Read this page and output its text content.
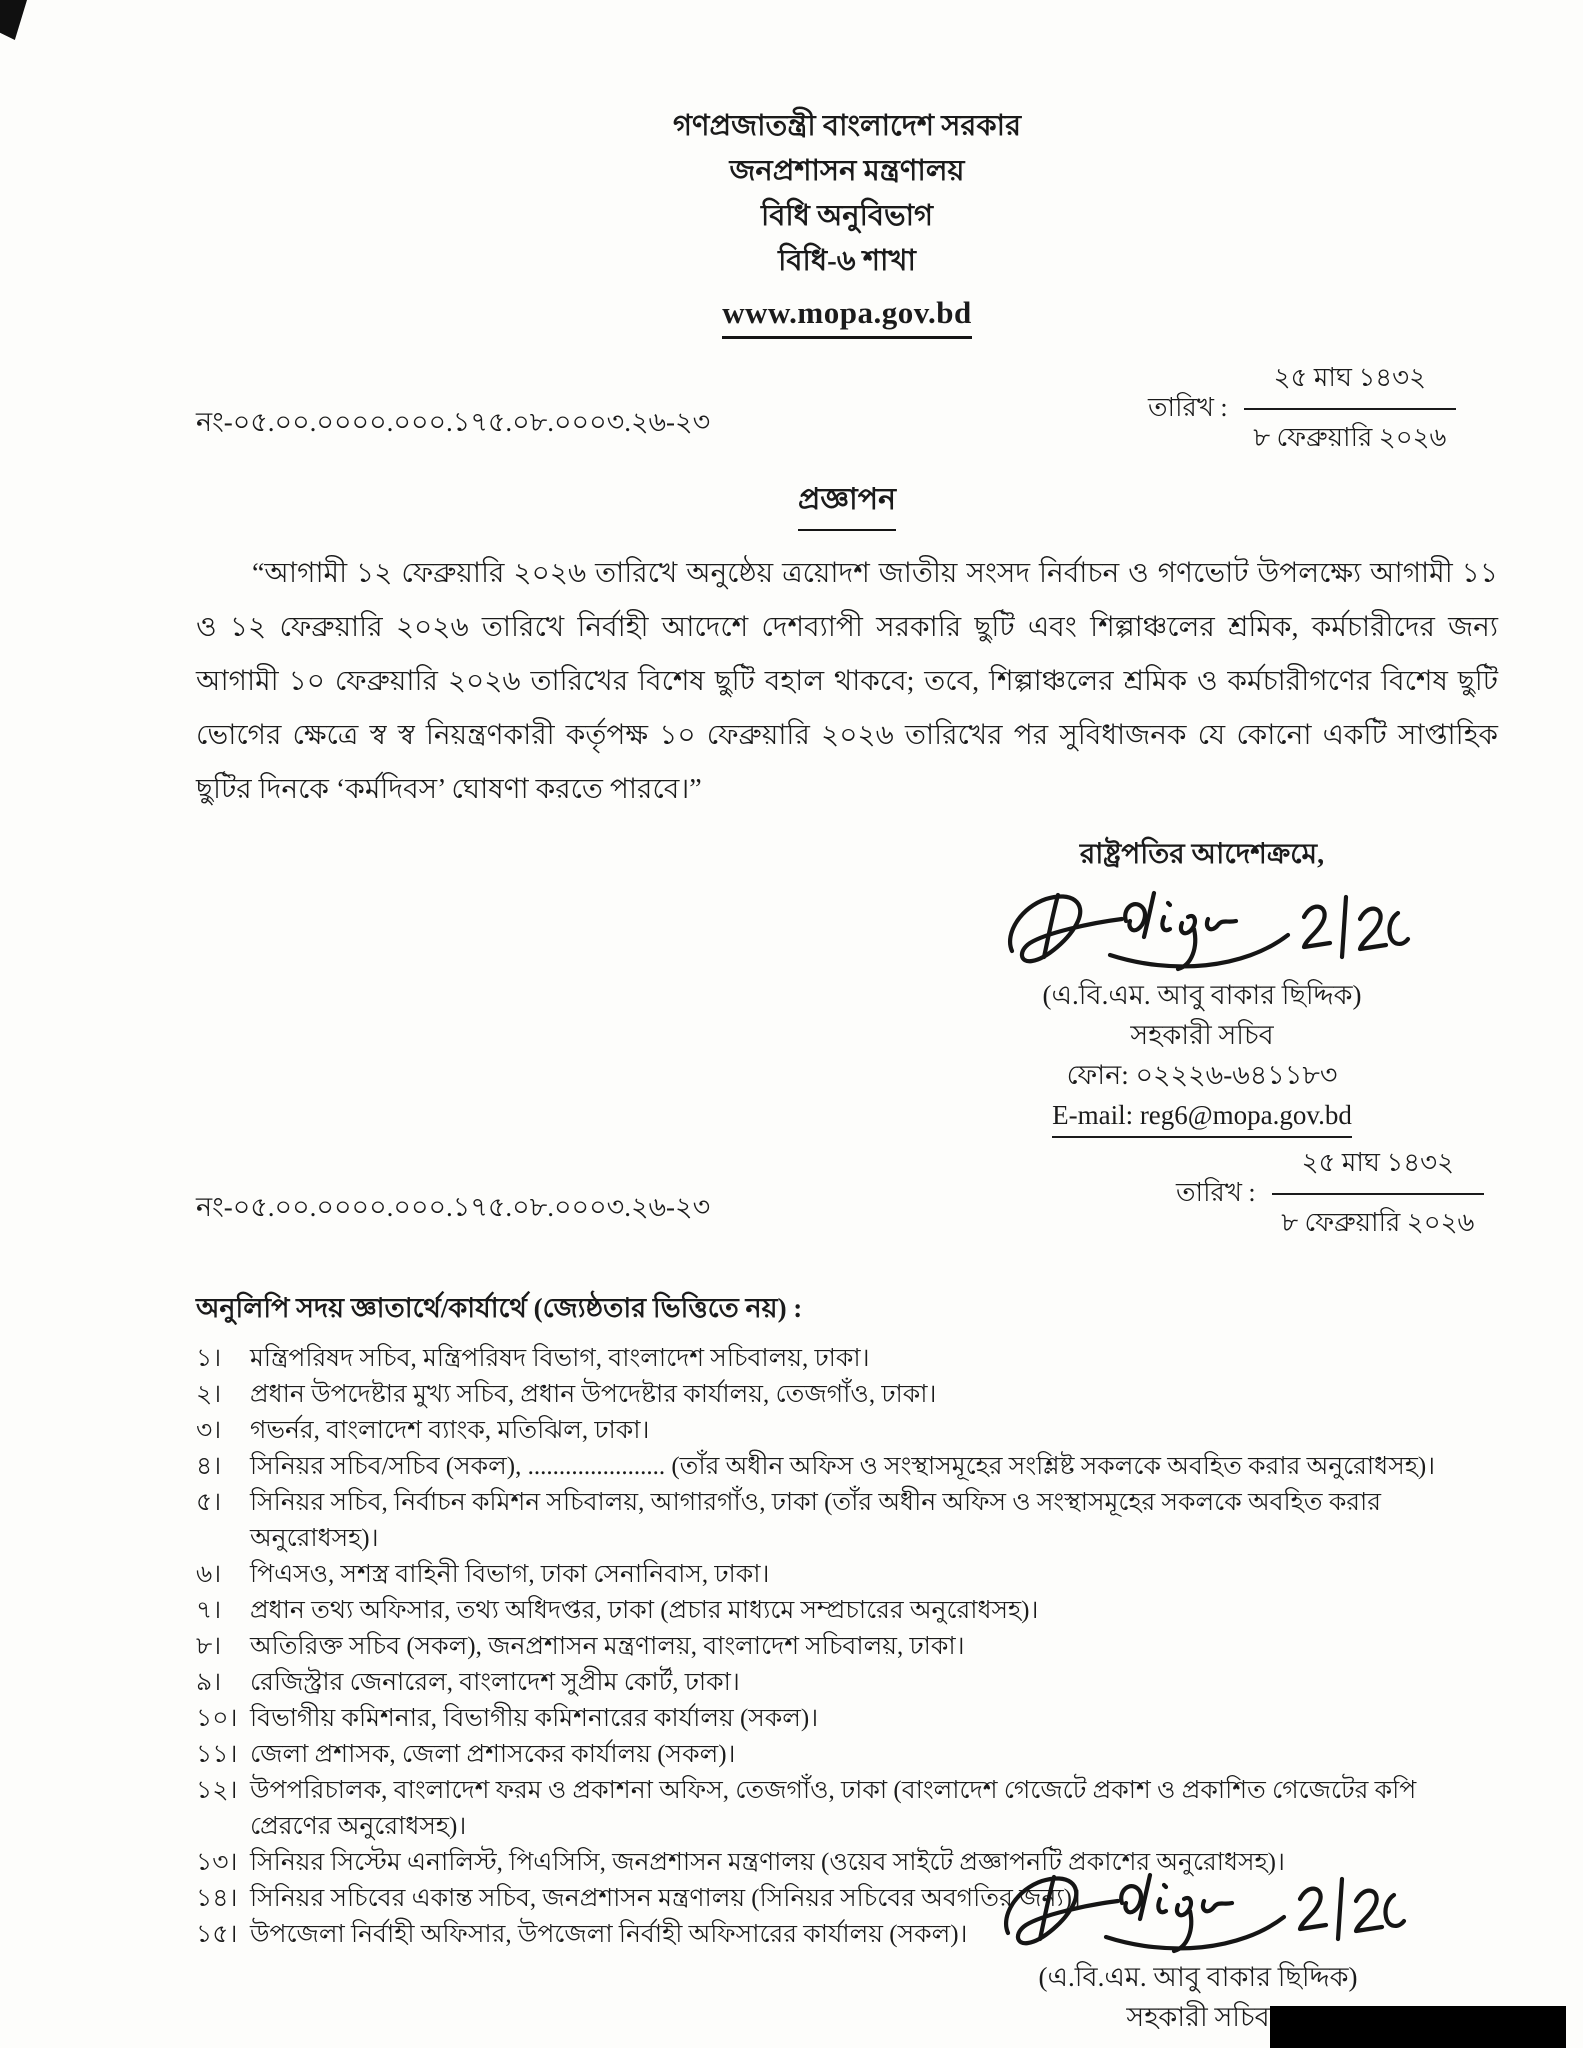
গণপ্রজাতন্ত্রী বাংলাদেশ সরকার
জনপ্রশাসন মন্ত্রণালয়
বিধি অনুবিভাগ
বিধি-৬ শাখা
www.mopa.gov.bd
নং-০৫.০০.০০০০.০০০.১৭৫.০৮.০০০৩.২৬-২৩	তারিখ : $\frac{\text{২৫ মাঘ ১৪৩২}}{\text{৮ ফেব্রুয়ারি ২০২৬}}$
প্রজ্ঞাপন
“আগামী ১২ ফেব্রুয়ারি ২০২৬ তারিখে অনুষ্ঠেয় ত্রয়োদশ জাতীয় সংসদ নির্বাচন ও গণভোট উপলক্ষ্যে আগামী ১১ ও ১২ ফেব্রুয়ারি ২০২৬ তারিখে নির্বাহী আদেশে দেশব্যাপী সরকারি ছুটি এবং শিল্পাঞ্চলের শ্রমিক, কর্মচারীদের জন্য আগামী ১০ ফেব্রুয়ারি ২০২৬ তারিখের বিশেষ ছুটি বহাল থাকবে; তবে, শিল্পাঞ্চলের শ্রমিক ও কর্মচারীগণের বিশেষ ছুটি ভোগের ক্ষেত্রে স্ব স্ব নিয়ন্ত্রণকারী কর্তৃপক্ষ ১০ ফেব্রুয়ারি ২০২৬ তারিখের পর সুবিধাজনক যে কোনো একটি সাপ্তাহিক ছুটির দিনকে ‘কর্মদিবস’ ঘোষণা করতে পারবে।”
রাষ্ট্রপতির আদেশক্রমে,
(এ.বি.এম. আবু বাকার ছিদ্দিক)
সহকারী সচিব
ফোন: ০২২২৬-৬৪১১৮৩
E-mail: reg6@mopa.gov.bd
নং-০৫.০০.০০০০.০০০.১৭৫.০৮.০০০৩.২৬-২৩	তারিখ : $\frac{\text{২৫ মাঘ ১৪৩২}}{\text{৮ ফেব্রুয়ারি ২০২৬}}$
অনুলিপি সদয় জ্ঞাতার্থে/কার্যার্থে (জ্যেষ্ঠতার ভিত্তিতে নয়) :
১।	মন্ত্রিপরিষদ সচিব, মন্ত্রিপরিষদ বিভাগ, বাংলাদেশ সচিবালয়, ঢাকা।
২।	প্রধান উপদেষ্টার মুখ্য সচিব, প্রধান উপদেষ্টার কার্যালয়, তেজগাঁও, ঢাকা।
৩।	গভর্নর, বাংলাদেশ ব্যাংক, মতিঝিল, ঢাকা।
৪।	সিনিয়র সচিব/সচিব (সকল), ...................... (তাঁর অধীন অফিস ও সংস্থাসমূহের সংশ্লিষ্ট সকলকে অবহিত করার অনুরোধসহ)।
৫।	সিনিয়র সচিব, নির্বাচন কমিশন সচিবালয়, আগারগাঁও, ঢাকা (তাঁর অধীন অফিস ও সংস্থাসমূহের সকলকে অবহিত করার অনুরোধসহ)।
৬।	পিএসও, সশস্ত্র বাহিনী বিভাগ, ঢাকা সেনানিবাস, ঢাকা।
৭।	প্রধান তথ্য অফিসার, তথ্য অধিদপ্তর, ঢাকা (প্রচার মাধ্যমে সম্প্রচারের অনুরোধসহ)।
৮।	অতিরিক্ত সচিব (সকল), জনপ্রশাসন মন্ত্রণালয়, বাংলাদেশ সচিবালয়, ঢাকা।
৯।	রেজিস্ট্রার জেনারেল, বাংলাদেশ সুপ্রীম কোর্ট, ঢাকা।
১০। বিভাগীয় কমিশনার, বিভাগীয় কমিশনারের কার্যালয় (সকল)।
১১। জেলা প্রশাসক, জেলা প্রশাসকের কার্যালয় (সকল)।
১২। উপপরিচালক, বাংলাদেশ ফরম ও প্রকাশনা অফিস, তেজগাঁও, ঢাকা (বাংলাদেশ গেজেটে প্রকাশ ও প্রকাশিত গেজেটের কপি প্রেরণের অনুরোধসহ)।
১৩। সিনিয়র সিস্টেম এনালিস্ট, পিএসিসি, জনপ্রশাসন মন্ত্রণালয় (ওয়েব সাইটে প্রজ্ঞাপনটি প্রকাশের অনুরোধসহ)।
১৪। সিনিয়র সচিবের একান্ত সচিব, জনপ্রশাসন মন্ত্রণালয় (সিনিয়র সচিবের অবগতির জন্য)।
১৫। উপজেলা নির্বাহী অফিসার, উপজেলা নির্বাহী অফিসারের কার্যালয় (সকল)।
(এ.বি.এম. আবু বাকার ছিদ্দিক)
সহকারী সচিব
